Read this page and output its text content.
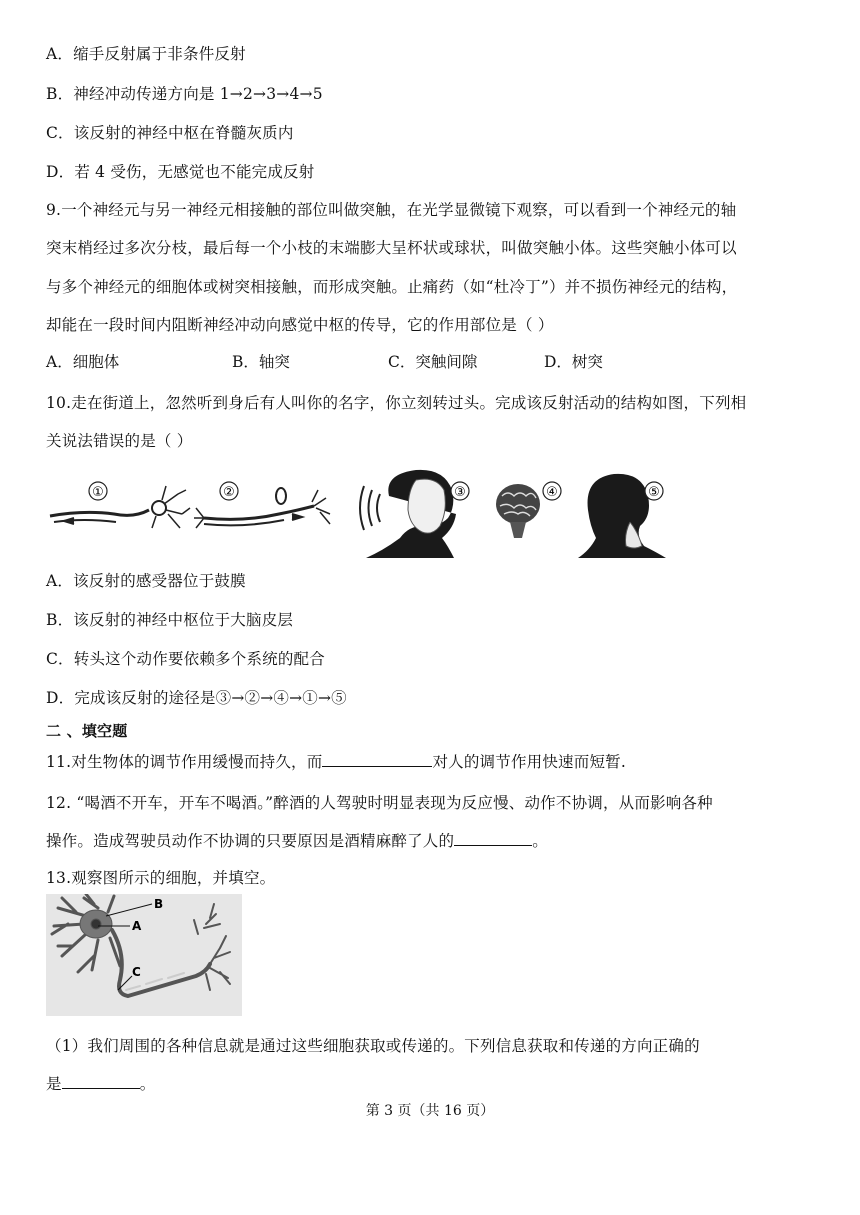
A．缩手反射属于非条件反射
B．神经冲动传递方向是 1→2→3→4→5
C．该反射的神经中枢在脊髓灰质内
D．若 4 受伤，无感觉也不能完成反射
9.一个神经元与另一神经元相接触的部位叫做突触，在光学显微镜下观察，可以看到一个神经元的轴
突末梢经过多次分枝，最后每一个小枝的末端膨大呈杯状或球状，叫做突触小体。这些突触小体可以
与多个神经元的细胞体或树突相接触，而形成突触。止痛药（如“杜冷丁”）并不损伤神经元的结构，
却能在一段时间内阻断神经冲动向感觉中枢的传导，它的作用部位是（ ）
A．细胞体	B．轴突	C．突触间隙	D．树突
10.走在街道上，忽然听到身后有人叫你的名字，你立刻转过头。完成该反射活动的结构如图，下列相
关说法错误的是（ ）
①	②	③	④	⑤
A．该反射的感受器位于鼓膜
B．该反射的神经中枢位于大脑皮层
C．转头这个动作要依赖多个系统的配合
D．完成该反射的途径是③→②→④→①→⑤
二 、填空题
11.对生物体的调节作用缓慢而持久，而	对人的调节作用快速而短暂.
12. “喝酒不开车，开车不喝酒。”醉酒的人驾驶时明显表现为反应慢、动作不协调，从而影响各种
操作。造成驾驶员动作不协调的只要原因是酒精麻醉了人的	。
13.观察图所示的细胞，并填空。
B
A
C
（1）我们周围的各种信息就是通过这些细胞获取或传递的。下列信息获取和传递的方向正确的
是	。
第 3 页（共 16 页）
